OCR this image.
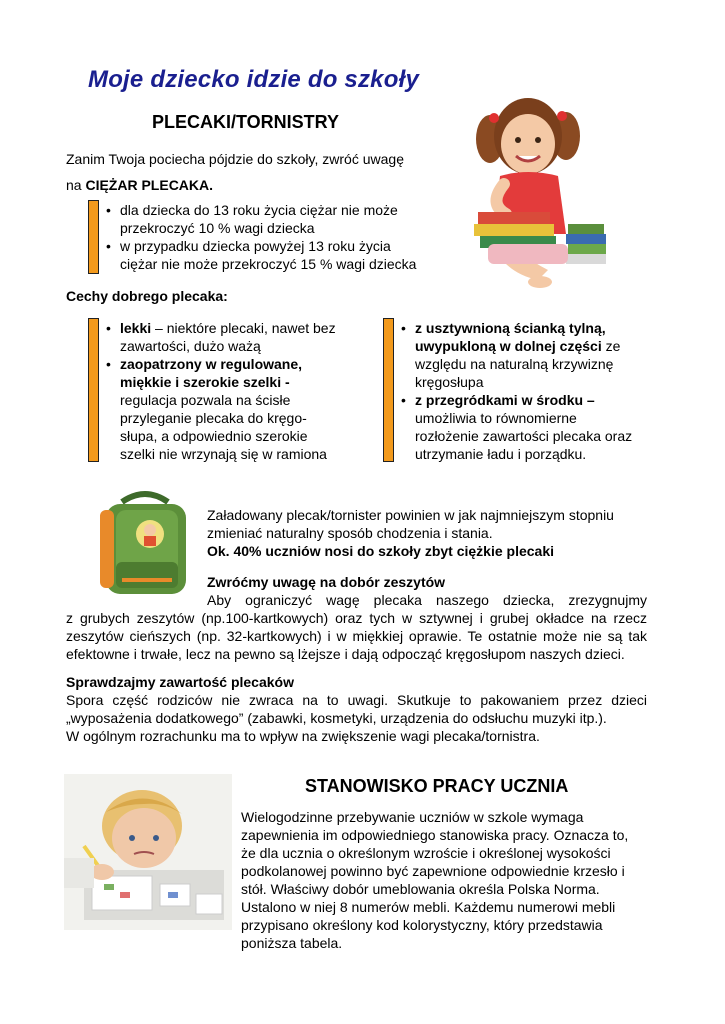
Moje dziecko idzie do szkoły
PLECAKI/TORNISTRY
Zanim Twoja pociecha pójdzie do szkoły, zwróć uwagę
na CIĘŻAR PLECAKA.
• dla dziecka do 13 roku życia ciężar nie może przekroczyć 10 % wagi dziecka
• w przypadku dziecka powyżej 13 roku życia ciężar nie może przekroczyć 15 % wagi dziecka
Cechy dobrego plecaka:
• lekki – niektóre plecaki, nawet bez zawartości, dużo ważą
• zaopatrzony w regulowane, miękkie i szerokie szelki - regulacja pozwala na ścisłe przyleganie plecaka do kręgo-słupa, a odpowiednio szerokie szelki nie wrzynają się w ramiona
• z usztywnioną ścianką tylną, uwypukloną w dolnej części ze względu na naturalną krzywiznę kręgosłupa
• z przegródkami w środku – umożliwia to równomierne rozłożenie zawartości plecaka oraz utrzymanie ładu i porządku.
Załadowany plecak/tornister powinien w jak najmniejszym stopniu zmieniać naturalny sposób chodzenia i stania.
Ok. 40% uczniów nosi do szkoły zbyt ciężkie plecaki
Zwróćmy uwagę na dobór zeszytów
Aby ograniczyć wagę plecaka naszego dziecka, zrezygnujmy
z grubych zeszytów (np.100-kartkowych) oraz tych w sztywnej i grubej okładce na rzecz zeszytów cieńszych (np. 32-kartkowych) i w miękkiej oprawie. Te ostatnie może nie są tak efektowne i trwałe, lecz na pewno są lżejsze i dają odpocząć kręgosłupom naszych dzieci.
Sprawdzajmy zawartość plecaków
Spora część rodziców nie zwraca na to uwagi. Skutkuje to pakowaniem przez dzieci „wyposażenia dodatkowego” (zabawki, kosmetyki, urządzenia do odsłuchu muzyki itp.).
W ogólnym rozrachunku ma to wpływ na zwiększenie wagi plecaka/tornistra.
STANOWISKO PRACY UCZNIA
Wielogodzinne przebywanie uczniów w szkole wymaga zapewnienia im odpowiedniego stanowiska pracy. Oznacza to, że dla ucznia o określonym wzroście i określonej wysokości podkolanowej powinno być zapewnione odpowiednie krzesło i stół. Właściwy dobór umeblowania określa Polska Norma. Ustalono w niej 8 numerów mebli. Każdemu numerowi mebli przypisano określony kod kolorystyczny, który przedstawia poniższa tabela.
